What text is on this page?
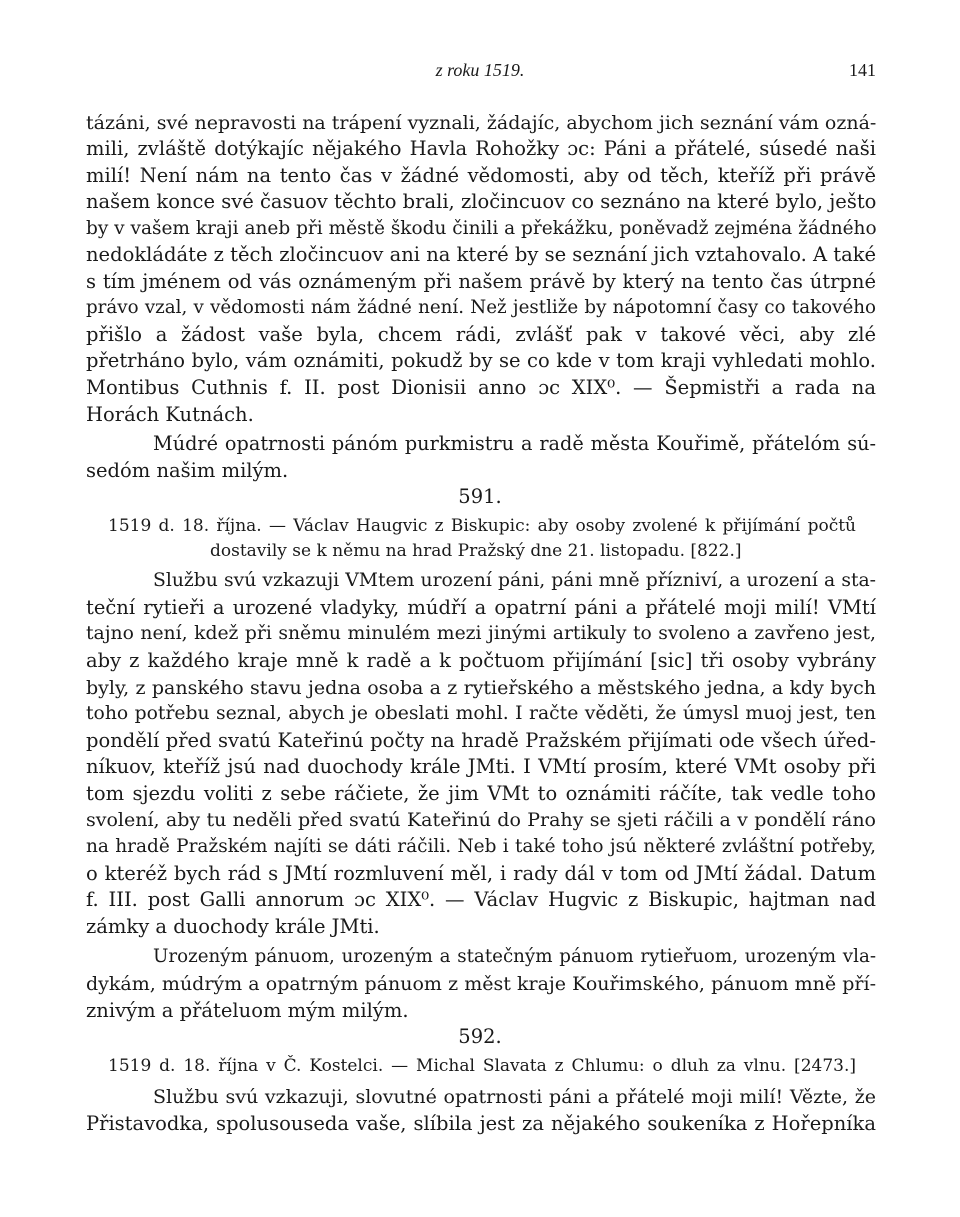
z roku 1519.	141
tázáni, své nepravosti na trápení vyznali, žádajíc, abychom jich seznání vám ozná-
mili, zvláště dotýkajíc nějakého Havla Rohožky ɔc: Páni a přátelé, súsedé naši
milí! Není nám na tento čas v žádné vědomosti, aby od těch, kteříž při právě
našem konce své časuov těchto brali, zločincuov co seznáno na které bylo, ješto
by v vašem kraji aneb při městě škodu činili a překážku, poněvadž zejména žádného
nedokládáte z těch zločincuov ani na které by se seznání jich vztahovalo. A také
s tím jménem od vás oznámeným při našem právě by který na tento čas útrpné
právo vzal, v vědomosti nám žádné není. Než jestliže by nápotomní časy co takového
přišlo a žádost vaše byla, chcem rádi, zvlášť pak v takové věci, aby zlé
přetrháno bylo, vám oznámiti, pokudž by se co kde v tom kraji vyhledati mohlo.
Montibus Cuthnis f. II. post Dionisii anno ɔc XIX⁰. — Šepmistři a rada na
Horách Kutnách.
Múdré opatrnosti pánóm purkmistru a radě města Kouřimě, přátelóm sú-
sedóm našim milým.
591.
1519 d. 18. října. — Václav Haugvic z Biskupic: aby osoby zvolené k přijímání počtů
dostavily se k němu na hrad Pražský dne 21. listopadu. [822.]
Službu svú vzkazuji VMtem urození páni, páni mně přízniví, a urození a sta-
teční rytieři a urozené vladyky, múdří a opatrní páni a přátelé moji milí! VMtí
tajno není, kdež při sněmu minulém mezi jinými artikuly to svoleno a zavřeno jest,
aby z každého kraje mně k radě a k počtuom přijímání [sic] tři osoby vybrány
byly, z panského stavu jedna osoba a z rytieřského a městského jedna, a kdy bych
toho potřebu seznal, abych je obeslati mohl. I račte věděti, že úmysl muoj jest, ten
pondělí před svatú Kateřinú počty na hradě Pražském přijímati ode všech úřed-
níkuov, kteříž jsú nad duochody krále JMti. I VMtí prosím, které VMt osoby při
tom sjezdu voliti z sebe ráčiete, že jim VMt to oznámiti ráčíte, tak vedle toho
svolení, aby tu neděli před svatú Kateřinú do Prahy se sjeti ráčili a v pondělí ráno
na hradě Pražském najíti se dáti ráčili. Neb i také toho jsú některé zvláštní potřeby,
o kteréž bych rád s JMtí rozmluvení měl, i rady dál v tom od JMtí žádal. Datum
f. III. post Galli annorum ɔc XIX⁰. — Václav Hugvic z Biskupic, hajtman nad
zámky a duochody krále JMti.
Urozeným pánuom, urozeným a statečným pánuom rytieřuom, urozeným vla-
dykám, múdrým a opatrným pánuom z měst kraje Kouřimského, pánuom mně pří-
znivým a přáteluom mým milým.
592.
1519 d. 18. října v Č. Kostelci. — Michal Slavata z Chlumu: o dluh za vlnu. [2473.]
Službu svú vzkazuji, slovutné opatrnosti páni a přátelé moji milí! Vězte, že
Přistavodka, spolusouseda vaše, slíbila jest za nějakého soukeníka z Hořepníka
